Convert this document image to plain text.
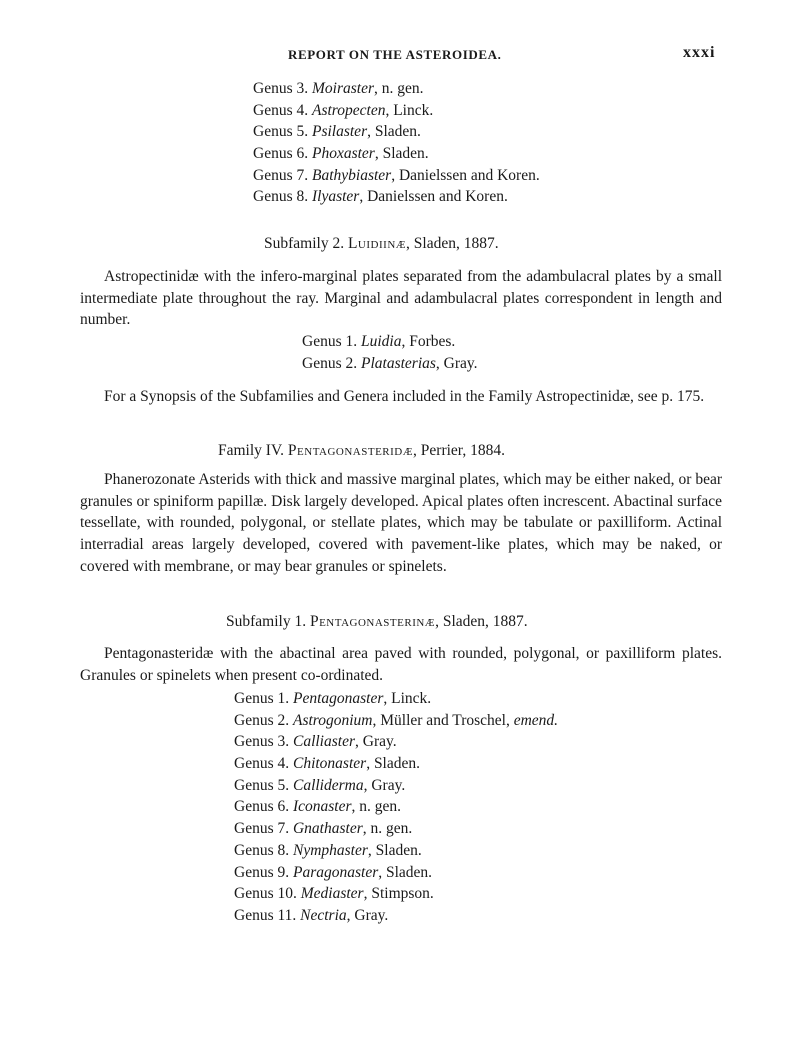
REPORT ON THE ASTEROIDEA.	xxxi
Genus 3. Moiraster, n. gen.
Genus 4. Astropecten, Linck.
Genus 5. Psilaster, Sladen.
Genus 6. Phoxaster, Sladen.
Genus 7. Bathybiaster, Danielssen and Koren.
Genus 8. Ilyaster, Danielssen and Koren.
Subfamily 2. Luidiinæ, Sladen, 1887.
Astropectinidæ with the infero-marginal plates separated from the adambulacral plates by a small intermediate plate throughout the ray. Marginal and adambulacral plates correspondent in length and number.
Genus 1. Luidia, Forbes.
Genus 2. Platasterias, Gray.
For a Synopsis of the Subfamilies and Genera included in the Family Astropectinidæ, see p. 175.
Family IV. Pentagonasteridæ, Perrier, 1884.
Phanerozonate Asterids with thick and massive marginal plates, which may be either naked, or bear granules or spiniform papillæ. Disk largely developed. Apical plates often increscent. Abactinal surface tessellate, with rounded, polygonal, or stellate plates, which may be tabulate or paxilliform. Actinal interradial areas largely developed, covered with pavement-like plates, which may be naked, or covered with membrane, or may bear granules or spinelets.
Subfamily 1. Pentagonasterinæ, Sladen, 1887.
Pentagonasteridæ with the abactinal area paved with rounded, polygonal, or paxilliform plates. Granules or spinelets when present co-ordinated.
Genus 1. Pentagonaster, Linck.
Genus 2. Astrogonium, Müller and Troschel, emend.
Genus 3. Calliaster, Gray.
Genus 4. Chitonaster, Sladen.
Genus 5. Calliderma, Gray.
Genus 6. Iconaster, n. gen.
Genus 7. Gnathaster, n. gen.
Genus 8. Nymphaster, Sladen.
Genus 9. Paragonaster, Sladen.
Genus 10. Mediaster, Stimpson.
Genus 11. Nectria, Gray.
